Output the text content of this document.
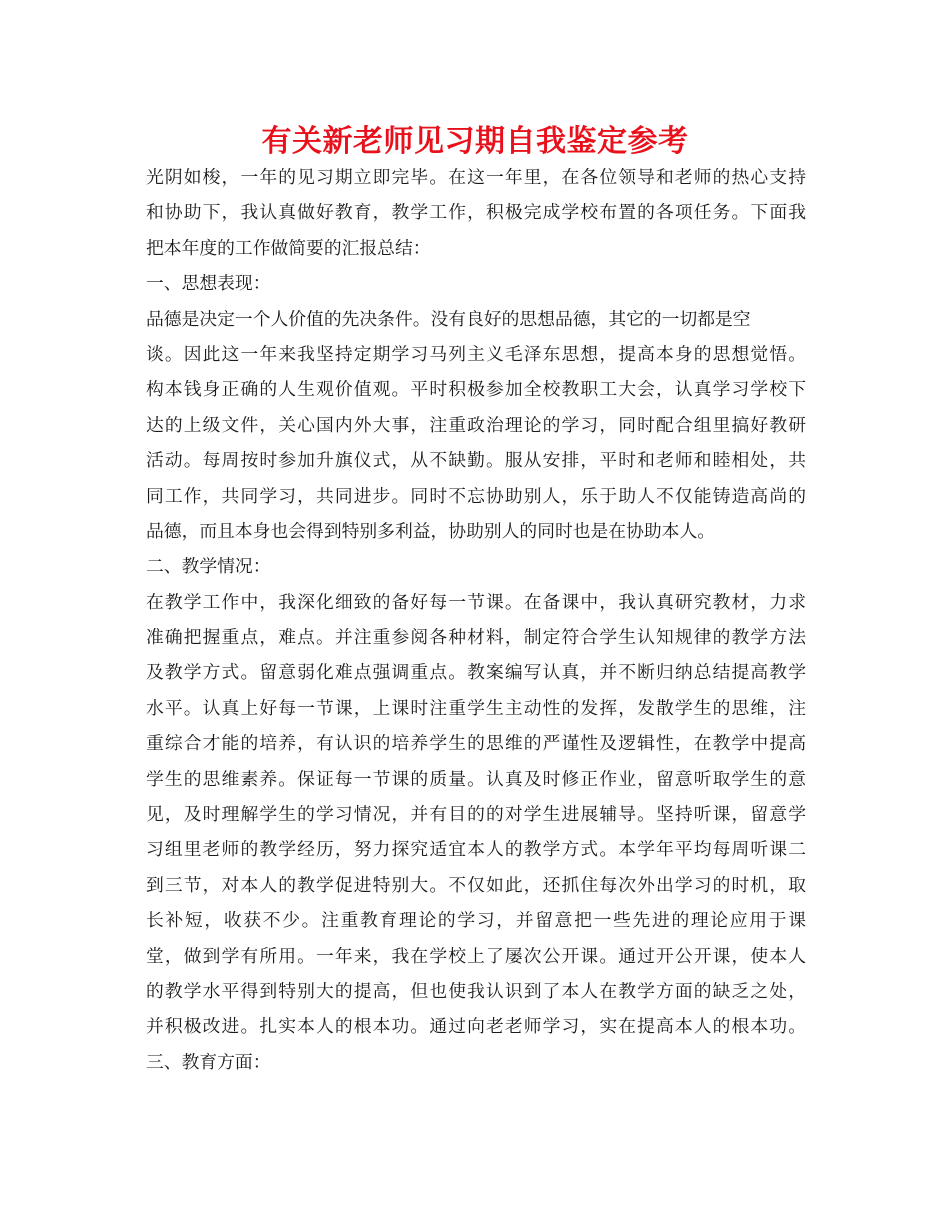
有关新老师见习期自我鉴定参考
光阴如梭，一年的见习期立即完毕。在这一年里，在各位领导和老师的热心支持
和协助下，我认真做好教育，教学工作，积极完成学校布置的各项任务。下面我
把本年度的工作做简要的汇报总结：
一、思想表现：
品德是决定一个人价值的先决条件。没有良好的思想品德，其它的一切都是空
谈。因此这一年来我坚持定期学习马列主义毛泽东思想，提高本身的思想觉悟。
构本钱身正确的人生观价值观。平时积极参加全校教职工大会，认真学习学校下
达的上级文件，关心国内外大事，注重政治理论的学习，同时配合组里搞好教研
活动。每周按时参加升旗仪式，从不缺勤。服从安排，平时和老师和睦相处，共
同工作，共同学习，共同进步。同时不忘协助别人，乐于助人不仅能铸造高尚的
品德，而且本身也会得到特别多利益，协助别人的同时也是在协助本人。
二、教学情况：
在教学工作中，我深化细致的备好每一节课。在备课中，我认真研究教材，力求
准确把握重点，难点。并注重参阅各种材料，制定符合学生认知规律的教学方法
及教学方式。留意弱化难点强调重点。教案编写认真，并不断归纳总结提高教学
水平。认真上好每一节课，上课时注重学生主动性的发挥，发散学生的思维，注
重综合才能的培养，有认识的培养学生的思维的严谨性及逻辑性，在教学中提高
学生的思维素养。保证每一节课的质量。认真及时修正作业，留意听取学生的意
见，及时理解学生的学习情况，并有目的的对学生进展辅导。坚持听课，留意学
习组里老师的教学经历，努力探究适宜本人的教学方式。本学年平均每周听课二
到三节，对本人的教学促进特别大。不仅如此，还抓住每次外出学习的时机，取
长补短，收获不少。注重教育理论的学习，并留意把一些先进的理论应用于课
堂，做到学有所用。一年来，我在学校上了屡次公开课。通过开公开课，使本人
的教学水平得到特别大的提高，但也使我认识到了本人在教学方面的缺乏之处，
并积极改进。扎实本人的根本功。通过向老老师学习，实在提高本人的根本功。
三、教育方面：
